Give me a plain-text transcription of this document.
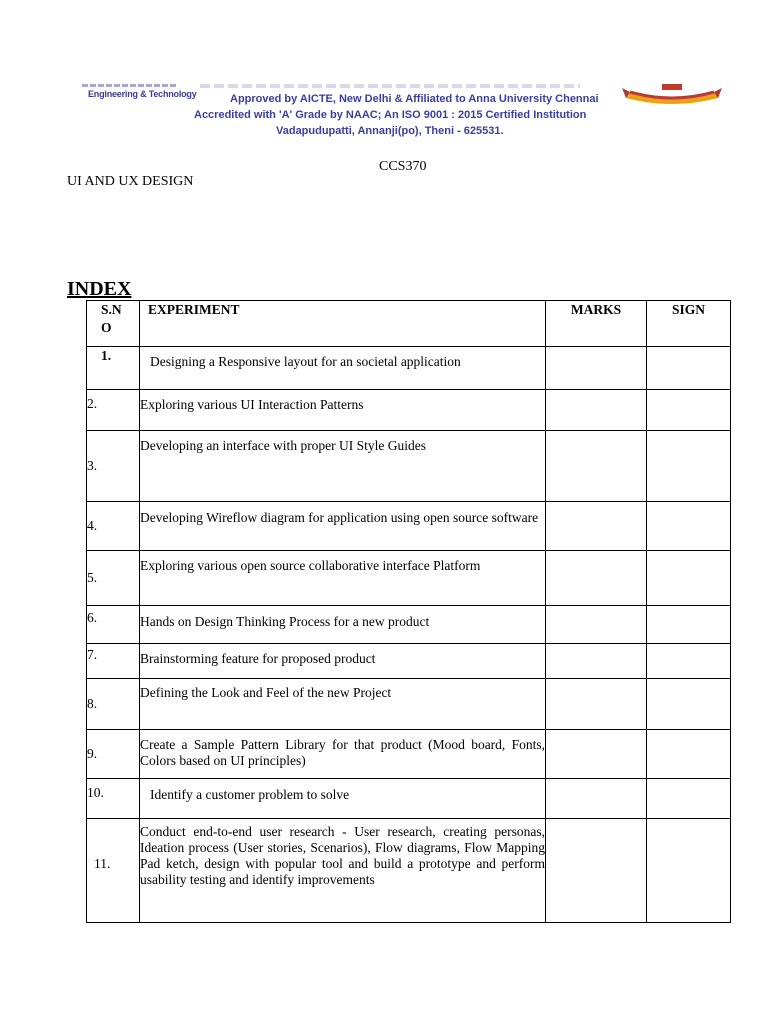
Engineering & Technology	Approved by AICTE, New Delhi & Affiliated to Anna University Chennai
Accredited with 'A' Grade by NAAC; An ISO 9001 : 2015 Certified Institution
Vadapudupatti, Annanji(po), Theni - 625531.
CCS370
UI AND UX DESIGN
INDEX
S.N O	EXPERIMENT	MARKS	SIGN

1.	Designing a Responsive layout for an societal application		
2.	Exploring various UI Interaction Patterns		
3.	Developing an interface with proper UI Style Guides		
4.	Developing Wireflow diagram for application using open source software		
5.	Exploring various open source collaborative interface Platform		
6.	Hands on Design Thinking Process for a new product		
7.	Brainstorming feature for proposed product		
8.	Defining the Look and Feel of the new Project		
9.	Create a Sample Pattern Library for that product (Mood board, Fonts, Colors based on UI principles)		
10.	Identify a customer problem to solve		
11.	Conduct end-to-end user research - User research, creating personas, Ideation process (User stories, Scenarios), Flow diagrams, Flow Mapping Pad ketch, design with popular tool and build a prototype and perform usability testing and identify improvements		
